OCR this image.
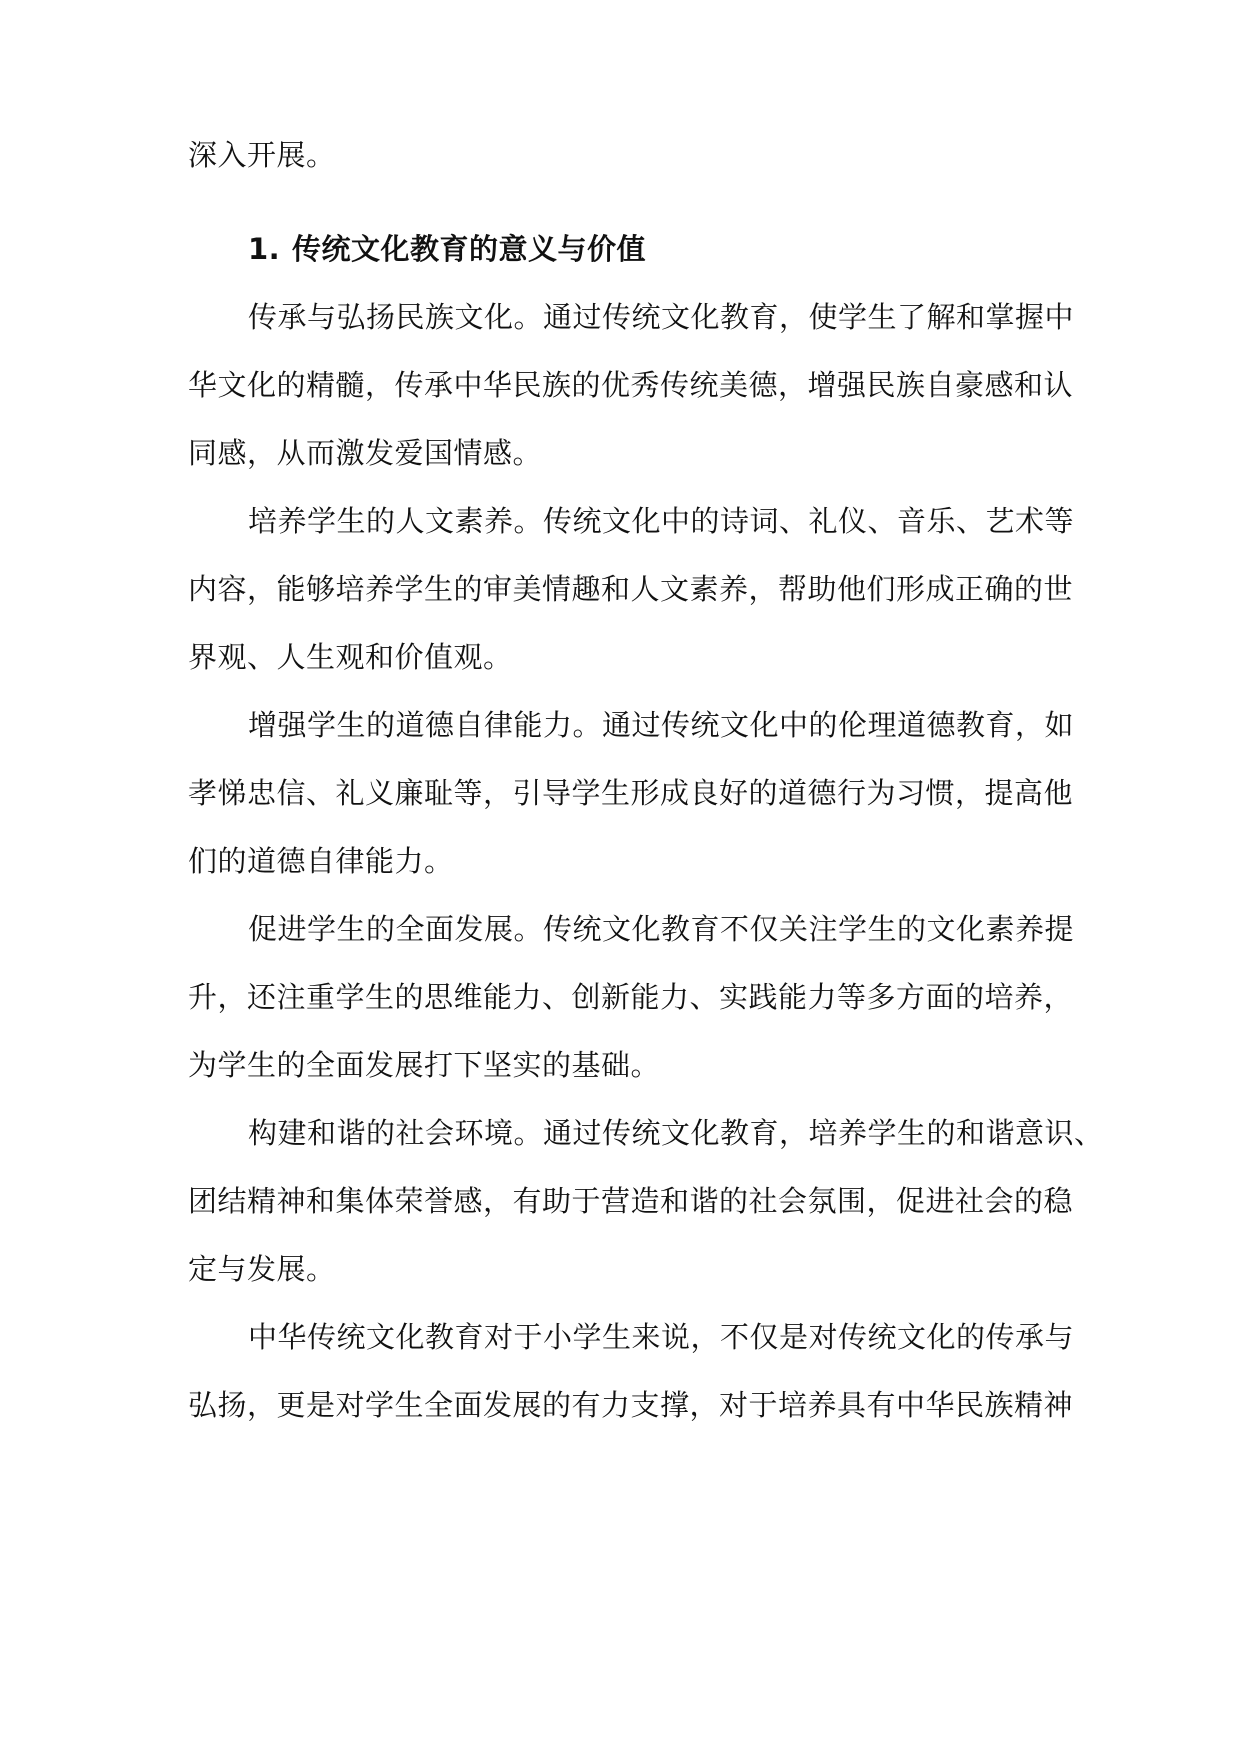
深入开展。
1. 传统文化教育的意义与价值
传承与弘扬民族文化。通过传统文化教育，使学生了解和掌握中
华文化的精髓，传承中华民族的优秀传统美德，增强民族自豪感和认
同感，从而激发爱国情感。
培养学生的人文素养。传统文化中的诗词、礼仪、音乐、艺术等
内容，能够培养学生的审美情趣和人文素养，帮助他们形成正确的世
界观、人生观和价值观。
增强学生的道德自律能力。通过传统文化中的伦理道德教育，如
孝悌忠信、礼义廉耻等，引导学生形成良好的道德行为习惯，提高他
们的道德自律能力。
促进学生的全面发展。传统文化教育不仅关注学生的文化素养提
升，还注重学生的思维能力、创新能力、实践能力等多方面的培养，
为学生的全面发展打下坚实的基础。
构建和谐的社会环境。通过传统文化教育，培养学生的和谐意识、
团结精神和集体荣誉感，有助于营造和谐的社会氛围，促进社会的稳
定与发展。
中华传统文化教育对于小学生来说，不仅是对传统文化的传承与
弘扬，更是对学生全面发展的有力支撑，对于培养具有中华民族精神
